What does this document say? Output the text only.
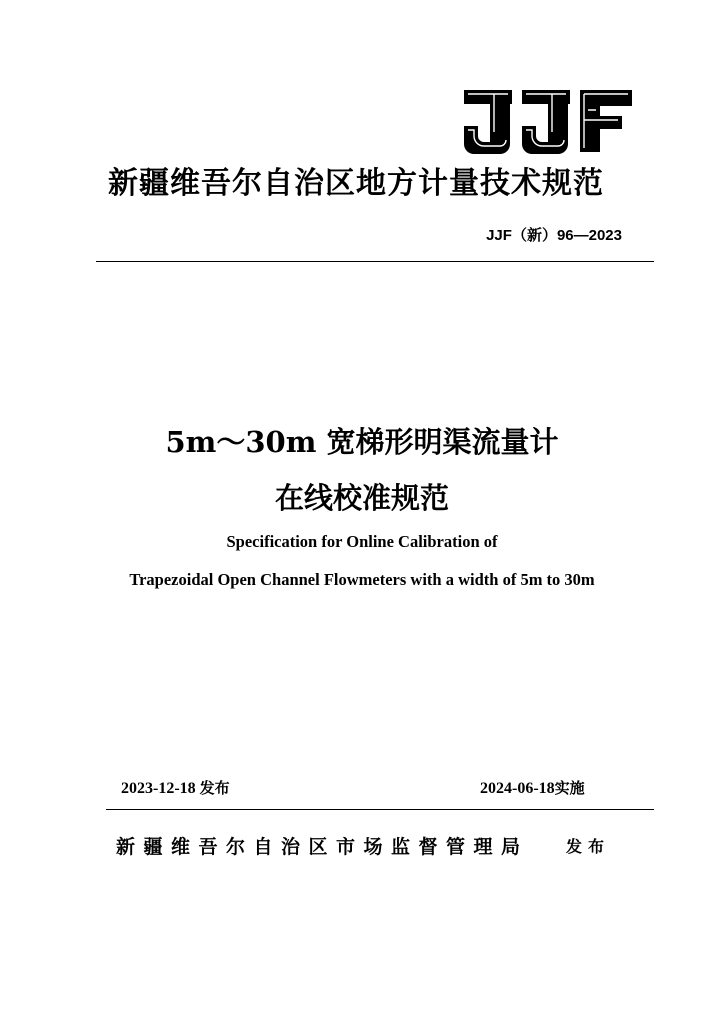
新疆维吾尔自治区地方计量技术规范
JJF（新）96—2023
5m～30m 宽梯形明渠流量计
在线校准规范
Specification for Online Calibration of
Trapezoidal Open Channel Flowmeters with a width of 5m to 30m
2023-12-18 发布	2024-06-18实施
新疆维吾尔自治区市场监督管理局 发布
